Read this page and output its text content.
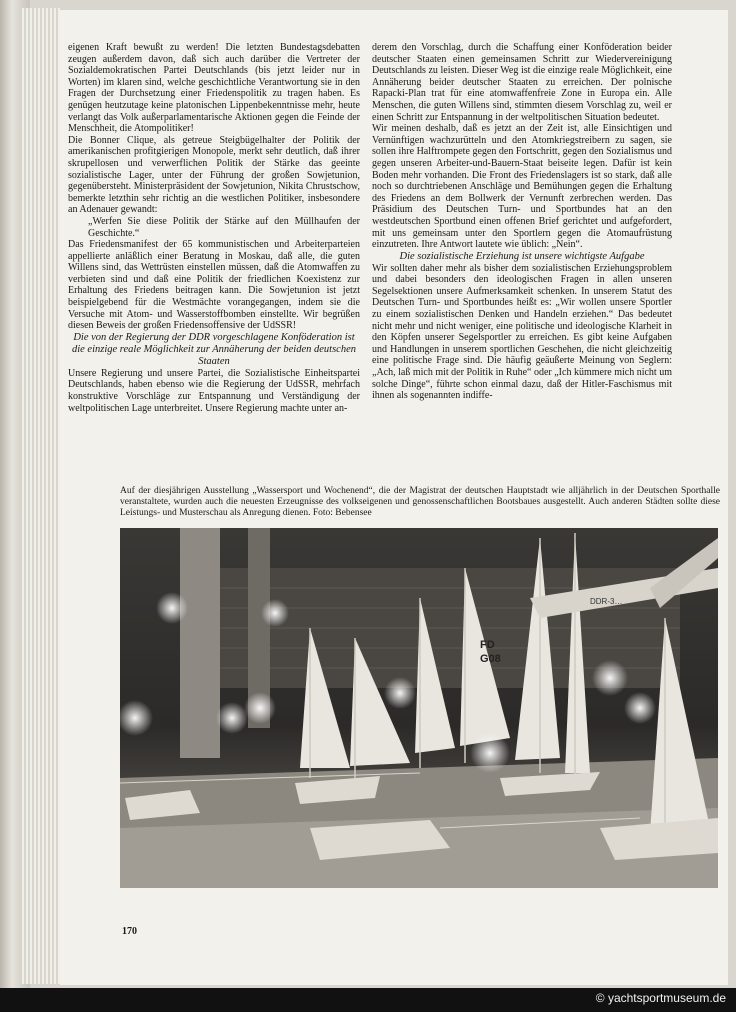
eigenen Kraft bewußt zu werden! Die letzten Bundestagsdebatten zeugen außerdem davon, daß sich auch darüber die Vertreter der Sozialdemokratischen Partei Deutschlands (bis jetzt leider nur in Worten) im klaren sind, welche geschichtliche Verantwortung sie in den Fragen der Durchsetzung einer Friedenspolitik zu tragen haben. Es genügen heutzutage keine platonischen Lippenbekenntnisse mehr, heute verlangt das Volk außerparlamentarische Aktionen gegen die Feinde der Menschheit, die Atompolitiker!

Die Bonner Clique, als getreue Steigbügelhalter der Politik der amerikanischen profitgierigen Monopole, merkt sehr deutlich, daß ihrer skrupellosen und verwerflichen Politik der Stärke das geeinte sozialistische Lager, unter der Führung der großen Sowjetunion, gegenübersteht. Ministerpräsident der Sowjetunion, Nikita Chrustschow, bemerkte letzthin sehr richtig an die westlichen Politiker, insbesondere an Adenauer gewandt:

„Werfen Sie diese Politik der Stärke auf den Müllhaufen der Geschichte.“

Das Friedensmanifest der 65 kommunistischen und Arbeiterparteien appellierte anläßlich einer Beratung in Moskau, daß alle, die guten Willens sind, das Wettrüsten einstellen müssen, daß die Atomwaffen zu verbieten sind und daß eine Politik der friedlichen Koexistenz zur Erhaltung des Friedens beitragen kann. Die Sowjetunion ist jetzt beispielgebend für die Westmächte vorangegangen, indem sie die Versuche mit Atom- und Wasserstoffbomben einstellte. Wir begrüßen diesen Beweis der großen Friedensoffensive der UdSSR!

Die von der Regierung der DDR vorgeschlagene Konföderation ist die einzige reale Möglichkeit zur Annäherung der beiden deutschen Staaten

Unsere Regierung und unsere Partei, die Sozialistische Einheitspartei Deutschlands, haben ebenso wie die Regierung der UdSSR, mehrfach konstruktive Vorschläge zur Entspannung und Verständigung der weltpolitischen Lage unterbreitet. Unsere Regierung machte unter an-

derem den Vorschlag, durch die Schaffung einer Konföderation beider deutscher Staaten einen gemeinsamen Schritt zur Wiedervereinigung Deutschlands zu leisten. Dieser Weg ist die einzige reale Möglichkeit, eine Annäherung beider deutscher Staaten zu erreichen. Der polnische Rapacki-Plan trat für eine atomwaffenfreie Zone in Europa ein. Alle Menschen, die guten Willens sind, stimmten diesem Vorschlag zu, weil er einen Schritt zur Entspannung in der weltpolitischen Situation bedeutet.

Wir meinen deshalb, daß es jetzt an der Zeit ist, alle Einsichtigen und Vernünftigen wachzurütteln und den Atomkriegstreibern zu sagen, sie sollen ihre Halftrompete gegen den Fortschritt, gegen den Sozialismus und gegen unseren Arbeiter-und-Bauern-Staat beiseite legen. Dafür ist kein Boden mehr vorhanden. Die Front des Friedenslagers ist so stark, daß alle noch so durchtriebenen Anschläge und Bemühungen gegen die Erhaltung des Friedens an dem Bollwerk der Vernunft zerbrechen werden. Das Präsidium des Deutschen Turn- und Sportbundes hat an den westdeutschen Sportbund einen offenen Brief gerichtet und aufgefordert, mit uns gemeinsam unter den Sportlern gegen die Atomaufrüstung einzutreten. Ihre Antwort lautete wie üblich: „Nein“.

Die sozialistische Erziehung ist unsere wichtigste Aufgabe

Wir sollten daher mehr als bisher dem sozialistischen Erziehungsproblem und dabei besonders den ideologischen Fragen in allen unseren Segelsektionen unsere Aufmerksamkeit schenken. In unserem Statut des Deutschen Turn- und Sportbundes heißt es: „Wir wollen unsere Sportler zu einem sozialistischen Denken und Handeln erziehen.“ Das bedeutet nicht mehr und nicht weniger, eine politische und ideologische Klarheit in den Köpfen unserer Segelsportler zu erreichen. Es gibt keine Aufgaben und Handlungen in unserem sportlichen Geschehen, die nicht gleichzeitig eine politische Frage sind. Die häufig geäußerte Meinung von Seglern: „Ach, laß mich mit der Politik in Ruhe“ oder „Ich kümmere mich nicht um solche Dinge“, führte schon einmal dazu, daß der Hitler-Faschismus mit ihnen als sogenannten indiffe-

Auf der diesjährigen Ausstellung „Wassersport und Wochenend“, die der Magistrat der deutschen Hauptstadt wie alljährlich in der Deutschen Sporthalle veranstaltete, wurden auch die neuesten Erzeugnisse des volkseigenen und genossenschaftlichen Bootsbaues ausgestellt. Auch anderen Städten sollte diese Leistungs- und Musterschau als Anregung dienen. Foto: Bebensee
FD
G08
DDR-3…
170
© yachtsportmuseum.de
